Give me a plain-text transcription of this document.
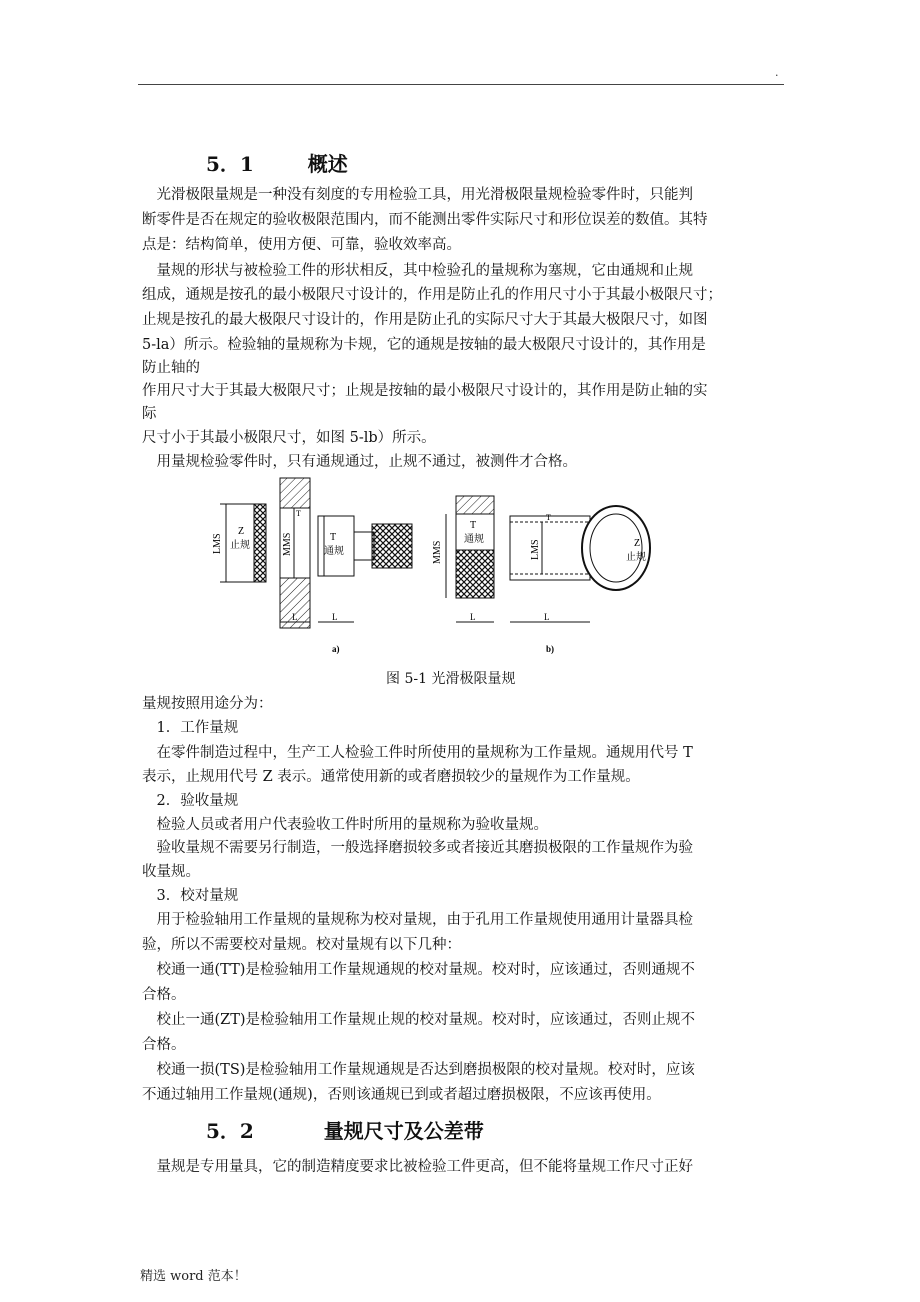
.
5．1	概述
　光滑极限量规是一种没有刻度的专用检验工具，用光滑极限量规检验零件时，只能判
断零件是否在规定的验收极限范围内，而不能测出零件实际尺寸和形位误差的数值。其特
点是：结构简单，使用方便、可靠，验收效率高。
　量规的形状与被检验工件的形状相反，其中检验孔的量规称为塞规，它由通规和止规
组成，通规是按孔的最小极限尺寸设计的，作用是防止孔的作用尺寸小于其最小极限尺寸；
止规是按孔的最大极限尺寸设计的，作用是防止孔的实际尺寸大于其最大极限尺寸，如图
5-la）所示。检验轴的量规称为卡规，它的通规是按轴的最大极限尺寸设计的，其作用是
防止轴的
作用尺寸大于其最大极限尺寸；止规是按轴的最小极限尺寸设计的，其作用是防止轴的实
际
尺寸小于其最小极限尺寸，如图 5-lb）所示。
　用量规检验零件时，只有通规通过，止规不通过，被测件才合格。
LMS
Z
止规	MMS
T
T
通规
L	L
a)
T
通规
MMS
L
LMS
T
Z
止规
L
b)
图 5-1 光滑极限量规
量规按照用途分为：
　1．工作量规
　在零件制造过程中，生产工人检验工件时所使用的量规称为工作量规。通规用代号 T
表示，止规用代号 Z 表示。通常使用新的或者磨损较少的量规作为工作量规。
　2．验收量规
　检验人员或者用户代表验收工件时所用的量规称为验收量规。
　验收量规不需要另行制造，一般选择磨损较多或者接近其磨损极限的工作量规作为验
收量规。
　3．校对量规
　用于检验轴用工作量规的量规称为校对量规，由于孔用工作量规使用通用计量器具检
验，所以不需要校对量规。校对量规有以下几种：
　校通一通(TT)是检验轴用工作量规通规的校对量规。校对时，应该通过，否则通规不
合格。
　校止一通(ZT)是检验轴用工作量规止规的校对量规。校对时，应该通过，否则止规不
合格。
　校通一损(TS)是检验轴用工作量规通规是否达到磨损极限的校对量规。校对时，应该
不通过轴用工作量规(通规)，否则该通规已到或者超过磨损极限，不应该再使用。
5．2	量规尺寸及公差带
　量规是专用量具，它的制造精度要求比被检验工件更高，但不能将量规工作尺寸正好
精选 word 范本！
